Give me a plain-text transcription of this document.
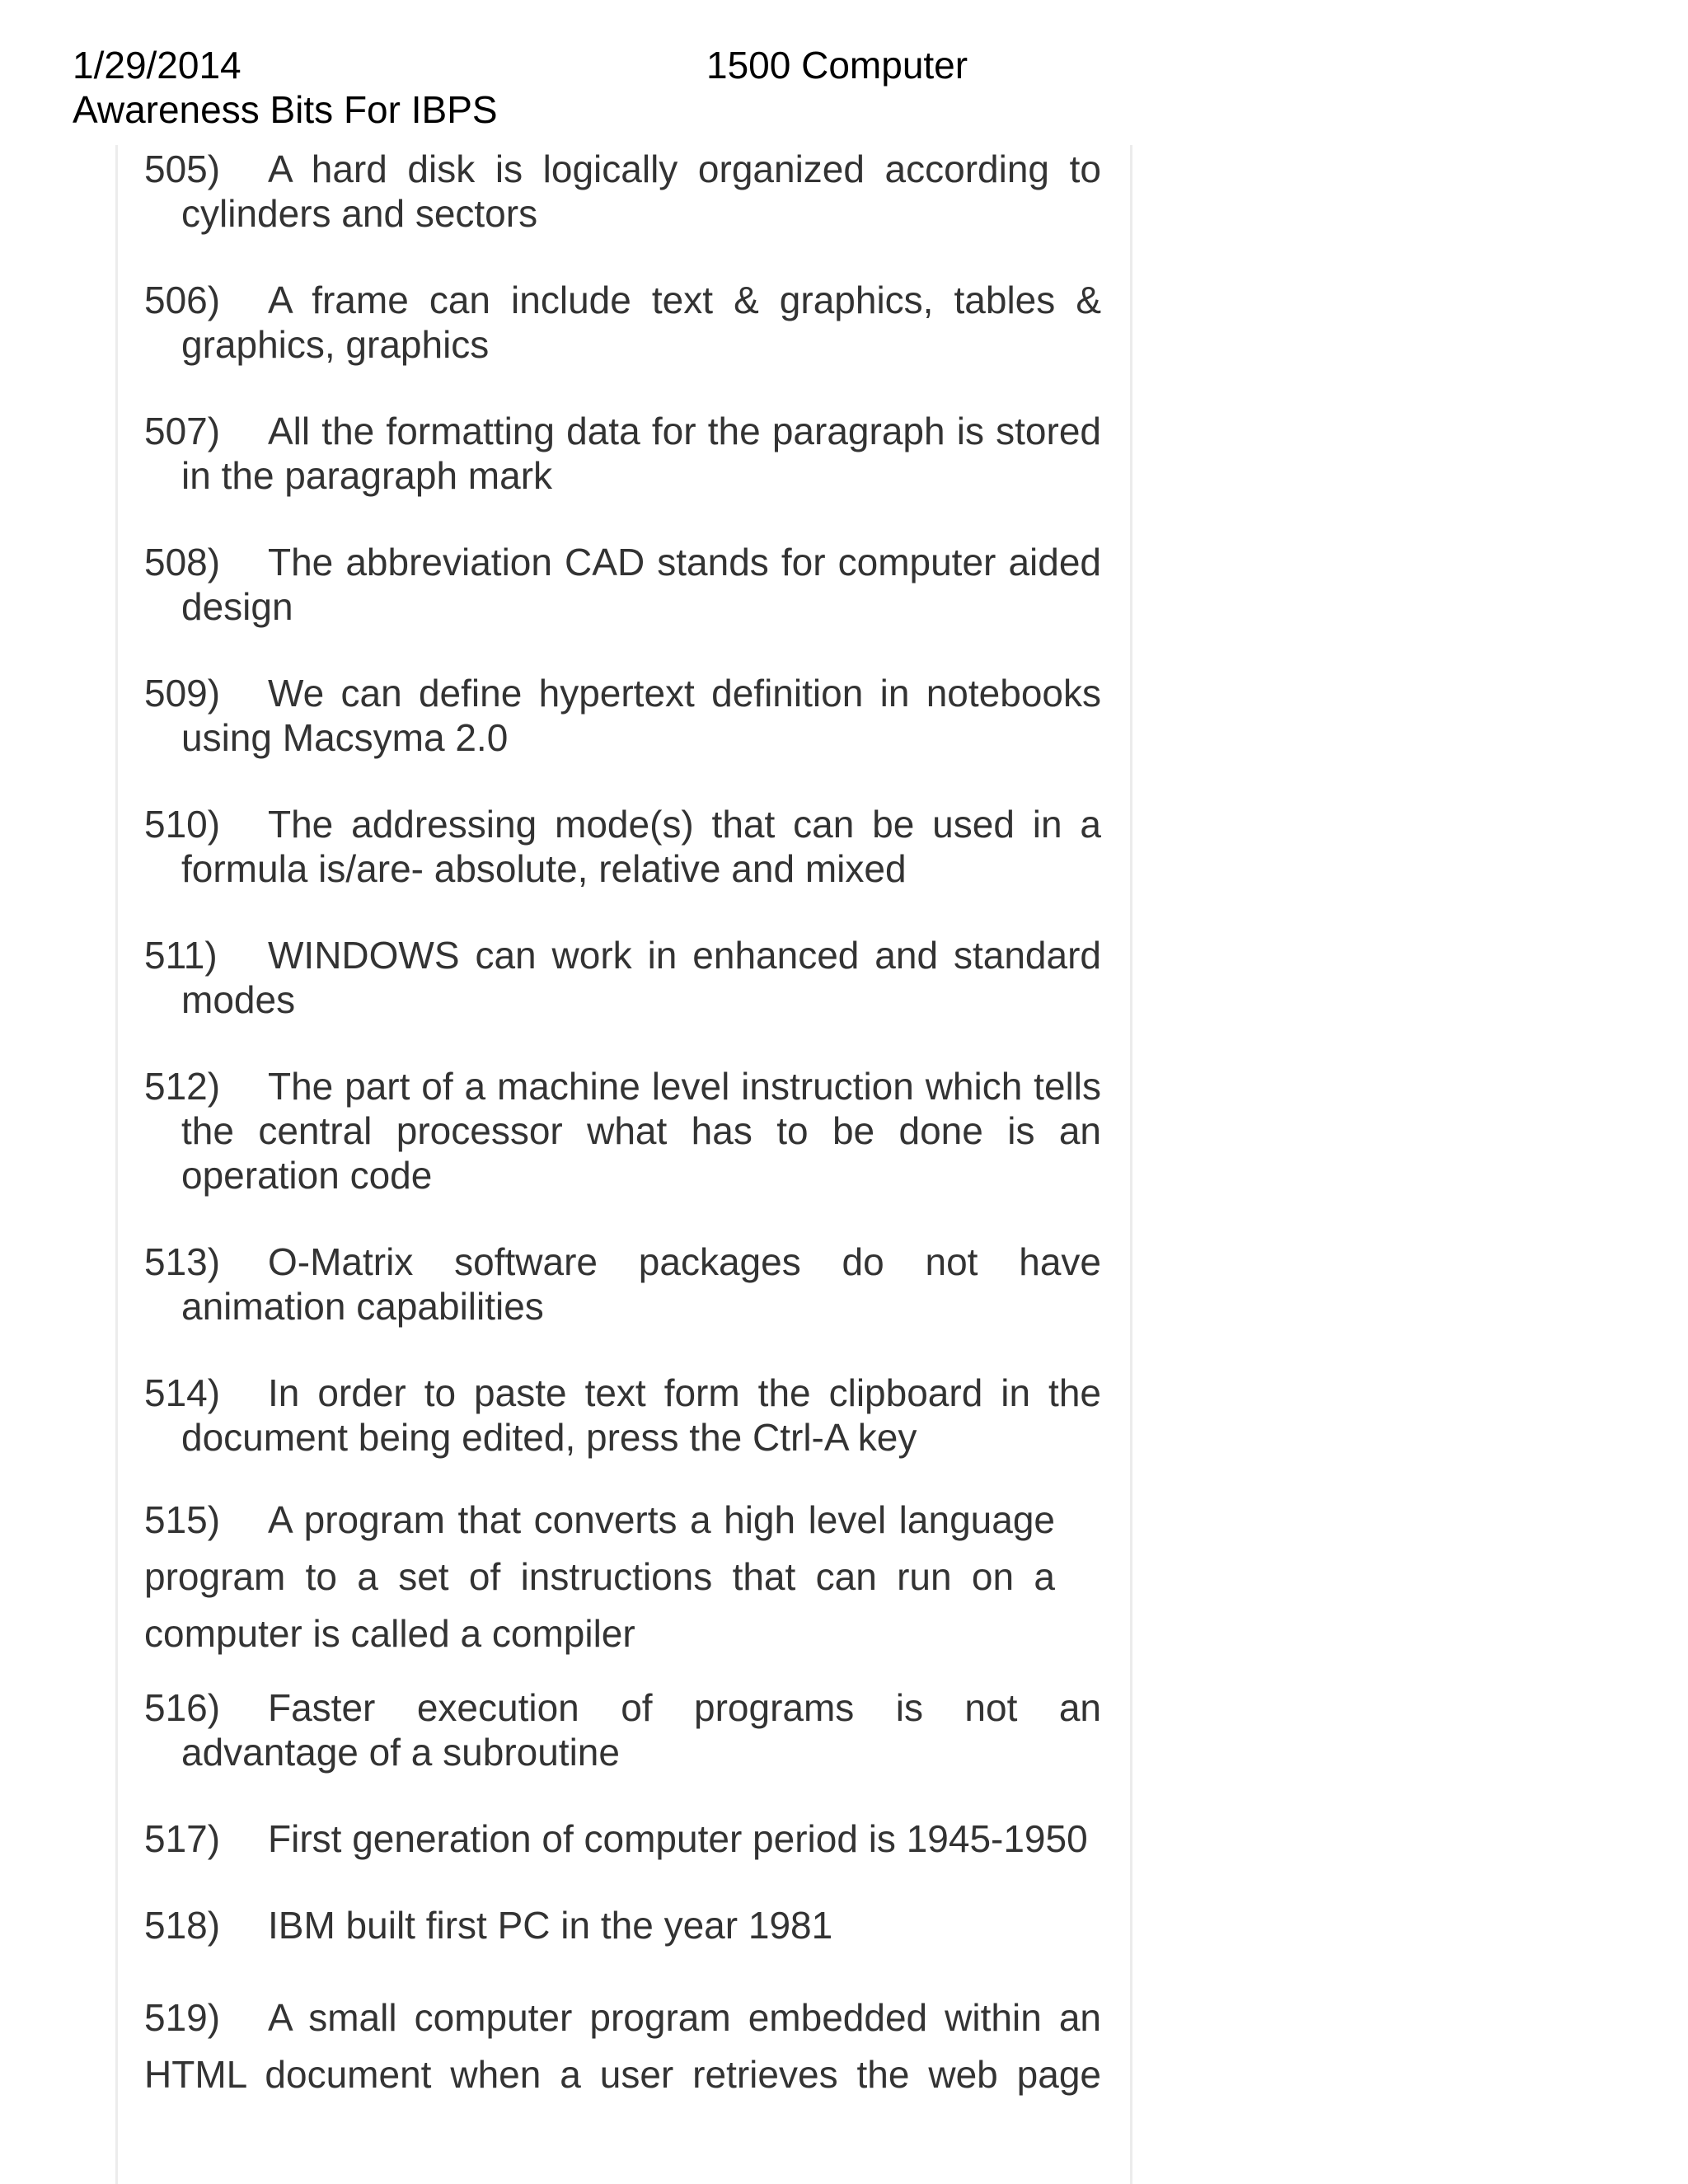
1/29/2014	1500 Computer
Awareness Bits For IBPS
505) A hard disk is logically organized according to cylinders and sectors
506) A frame can include text & graphics, tables & graphics, graphics
507) All the formatting data for the paragraph is stored in the paragraph mark
508) The abbreviation CAD stands for computer aided design
509) We can define hypertext definition in notebooks using Macsyma 2.0
510) The addressing mode(s) that can be used in a formula is/are- absolute, relative and mixed
511) WINDOWS can work in enhanced and standard modes
512) The part of a machine level instruction which tells the central processor what has to be done is an operation code
513) O-Matrix software packages do not have animation capabilities
514) In order to paste text form the clipboard in the document being edited, press the Ctrl-A key
515) A program that converts a high level language program to a set of instructions that can run on a computer is called a compiler
516) Faster execution of programs is not an advantage of a subroutine
517) First generation of computer period is 1945-1950
518) IBM built first PC in the year 1981
519) A small computer program embedded within an HTML document when a user retrieves the web page
